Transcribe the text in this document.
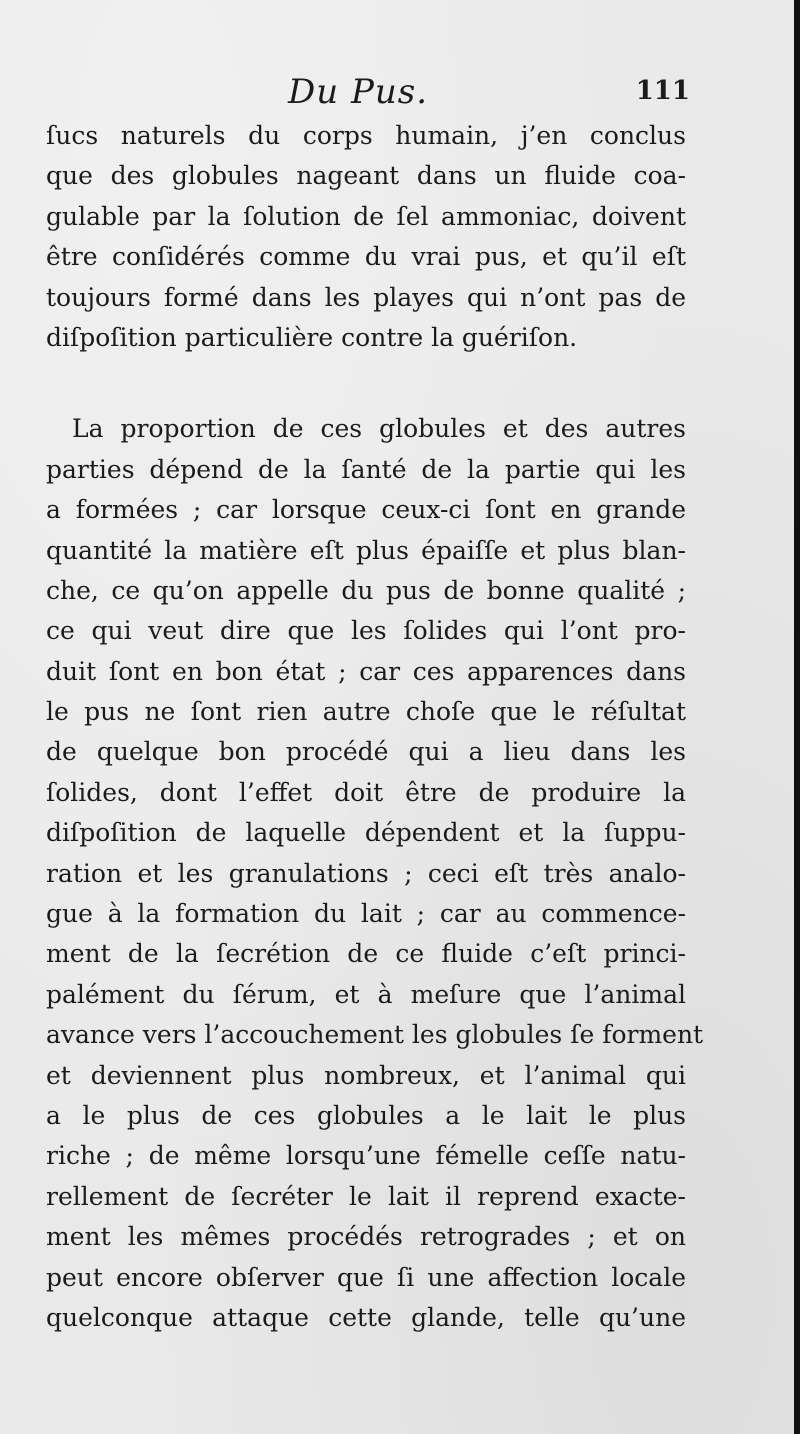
Du Pus.	111
ſucs naturels du corps humain, j’en conclus
que des globules nageant dans un fluide coa-
gulable par la ſolution de ſel ammoniac, doivent
être conſidérés comme du vrai pus, et qu’il eſt
toujours formé dans les playes qui n’ont pas de
diſpoſition particulière contre la guériſon.
La proportion de ces globules et des autres
parties dépend de la ſanté de la partie qui les
a formées ; car lorsque ceux-ci ſont en grande
quantité la matière eſt plus épaiſſe et plus blan-
che, ce qu’on appelle du pus de bonne qualité ;
ce qui veut dire que les ſolides qui l’ont pro-
duit ſont en bon état ; car ces apparences dans
le pus ne ſont rien autre choſe que le réſultat
de quelque bon procédé qui a lieu dans les
ſolides, dont l’effet doit être de produire la
diſpoſition de laquelle dépendent et la ſuppu-
ration et les granulations ; ceci eſt très analo-
gue à la formation du lait ; car au commence-
ment de la ſecrétion de ce fluide c’eſt princi-
palément du ſérum, et à meſure que l’animal
avance vers l’accouchement les globules ſe forment
et deviennent plus nombreux, et l’animal qui
a le plus de ces globules a le lait le plus
riche ; de même lorsqu’une fémelle ceſſe natu-
rellement de ſecréter le lait il reprend exacte-
ment les mêmes procédés retrogrades ; et on
peut encore obſerver que ſi une affection locale
quelconque attaque cette glande, telle qu’une
